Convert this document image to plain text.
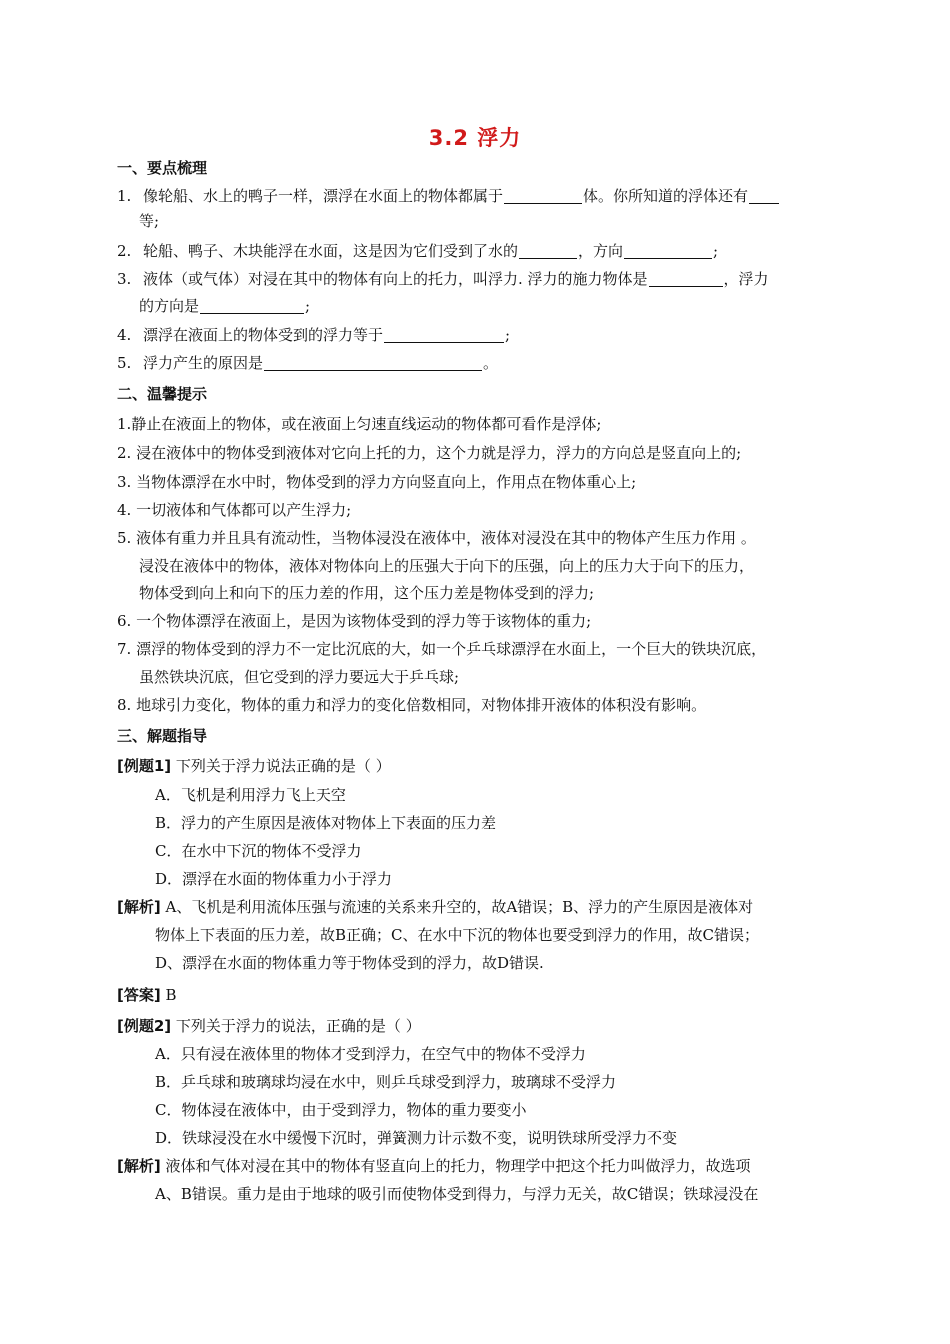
3.2 浮力
一、要点梳理
1. 像轮船、水上的鸭子一样，漂浮在水面上的物体都属于	体。你所知道的浮体还有
等;
2. 轮船、鸭子、木块能浮在水面，这是因为它们受到了水的	，方向	;
3. 液体（或气体）对浸在其中的物体有向上的托力，叫浮力. 浮力的施力物体是	，浮力
的方向是	;
4. 漂浮在液面上的物体受到的浮力等于	;
5. 浮力产生的原因是	。
二、温馨提示
1.静止在液面上的物体，或在液面上匀速直线运动的物体都可看作是浮体;
2. 浸在液体中的物体受到液体对它向上托的力，这个力就是浮力，浮力的方向总是竖直向上的;
3. 当物体漂浮在水中时，物体受到的浮力方向竖直向上，作用点在物体重心上;
4. 一切液体和气体都可以产生浮力;
5. 液体有重力并且具有流动性，当物体浸没在液体中，液体对浸没在其中的物体产生压力作用 。
浸没在液体中的物体，液体对物体向上的压强大于向下的压强，向上的压力大于向下的压力，
物体受到向上和向下的压力差的作用，这个压力差是物体受到的浮力;
6. 一个物体漂浮在液面上，是因为该物体受到的浮力等于该物体的重力;
7. 漂浮的物体受到的浮力不一定比沉底的大，如一个乒乓球漂浮在水面上，一个巨大的铁块沉底，
虽然铁块沉底，但它受到的浮力要远大于乒乓球;
8. 地球引力变化，物体的重力和浮力的变化倍数相同，对物体排开液体的体积没有影响。
三、解题指导
[例题1] 下列关于浮力说法正确的是（ ）
A．飞机是利用浮力飞上天空
B．浮力的产生原因是液体对物体上下表面的压力差
C．在水中下沉的物体不受浮力
D．漂浮在水面的物体重力小于浮力
[解析] A、飞机是利用流体压强与流速的关系来升空的，故A错误；B、浮力的产生原因是液体对
物体上下表面的压力差，故B正确；C、在水中下沉的物体也要受到浮力的作用，故C错误；
D、漂浮在水面的物体重力等于物体受到的浮力，故D错误.
[答案] B
[例题2] 下列关于浮力的说法，正确的是（ ）
A．只有浸在液体里的物体才受到浮力，在空气中的物体不受浮力
B．乒乓球和玻璃球均浸在水中，则乒乓球受到浮力，玻璃球不受浮力
C．物体浸在液体中，由于受到浮力，物体的重力要变小
D．铁球浸没在水中缓慢下沉时，弹簧测力计示数不变，说明铁球所受浮力不变
[解析] 液体和气体对浸在其中的物体有竖直向上的托力，物理学中把这个托力叫做浮力，故选项
A、B错误。重力是由于地球的吸引而使物体受到得力，与浮力无关，故C错误；铁球浸没在
